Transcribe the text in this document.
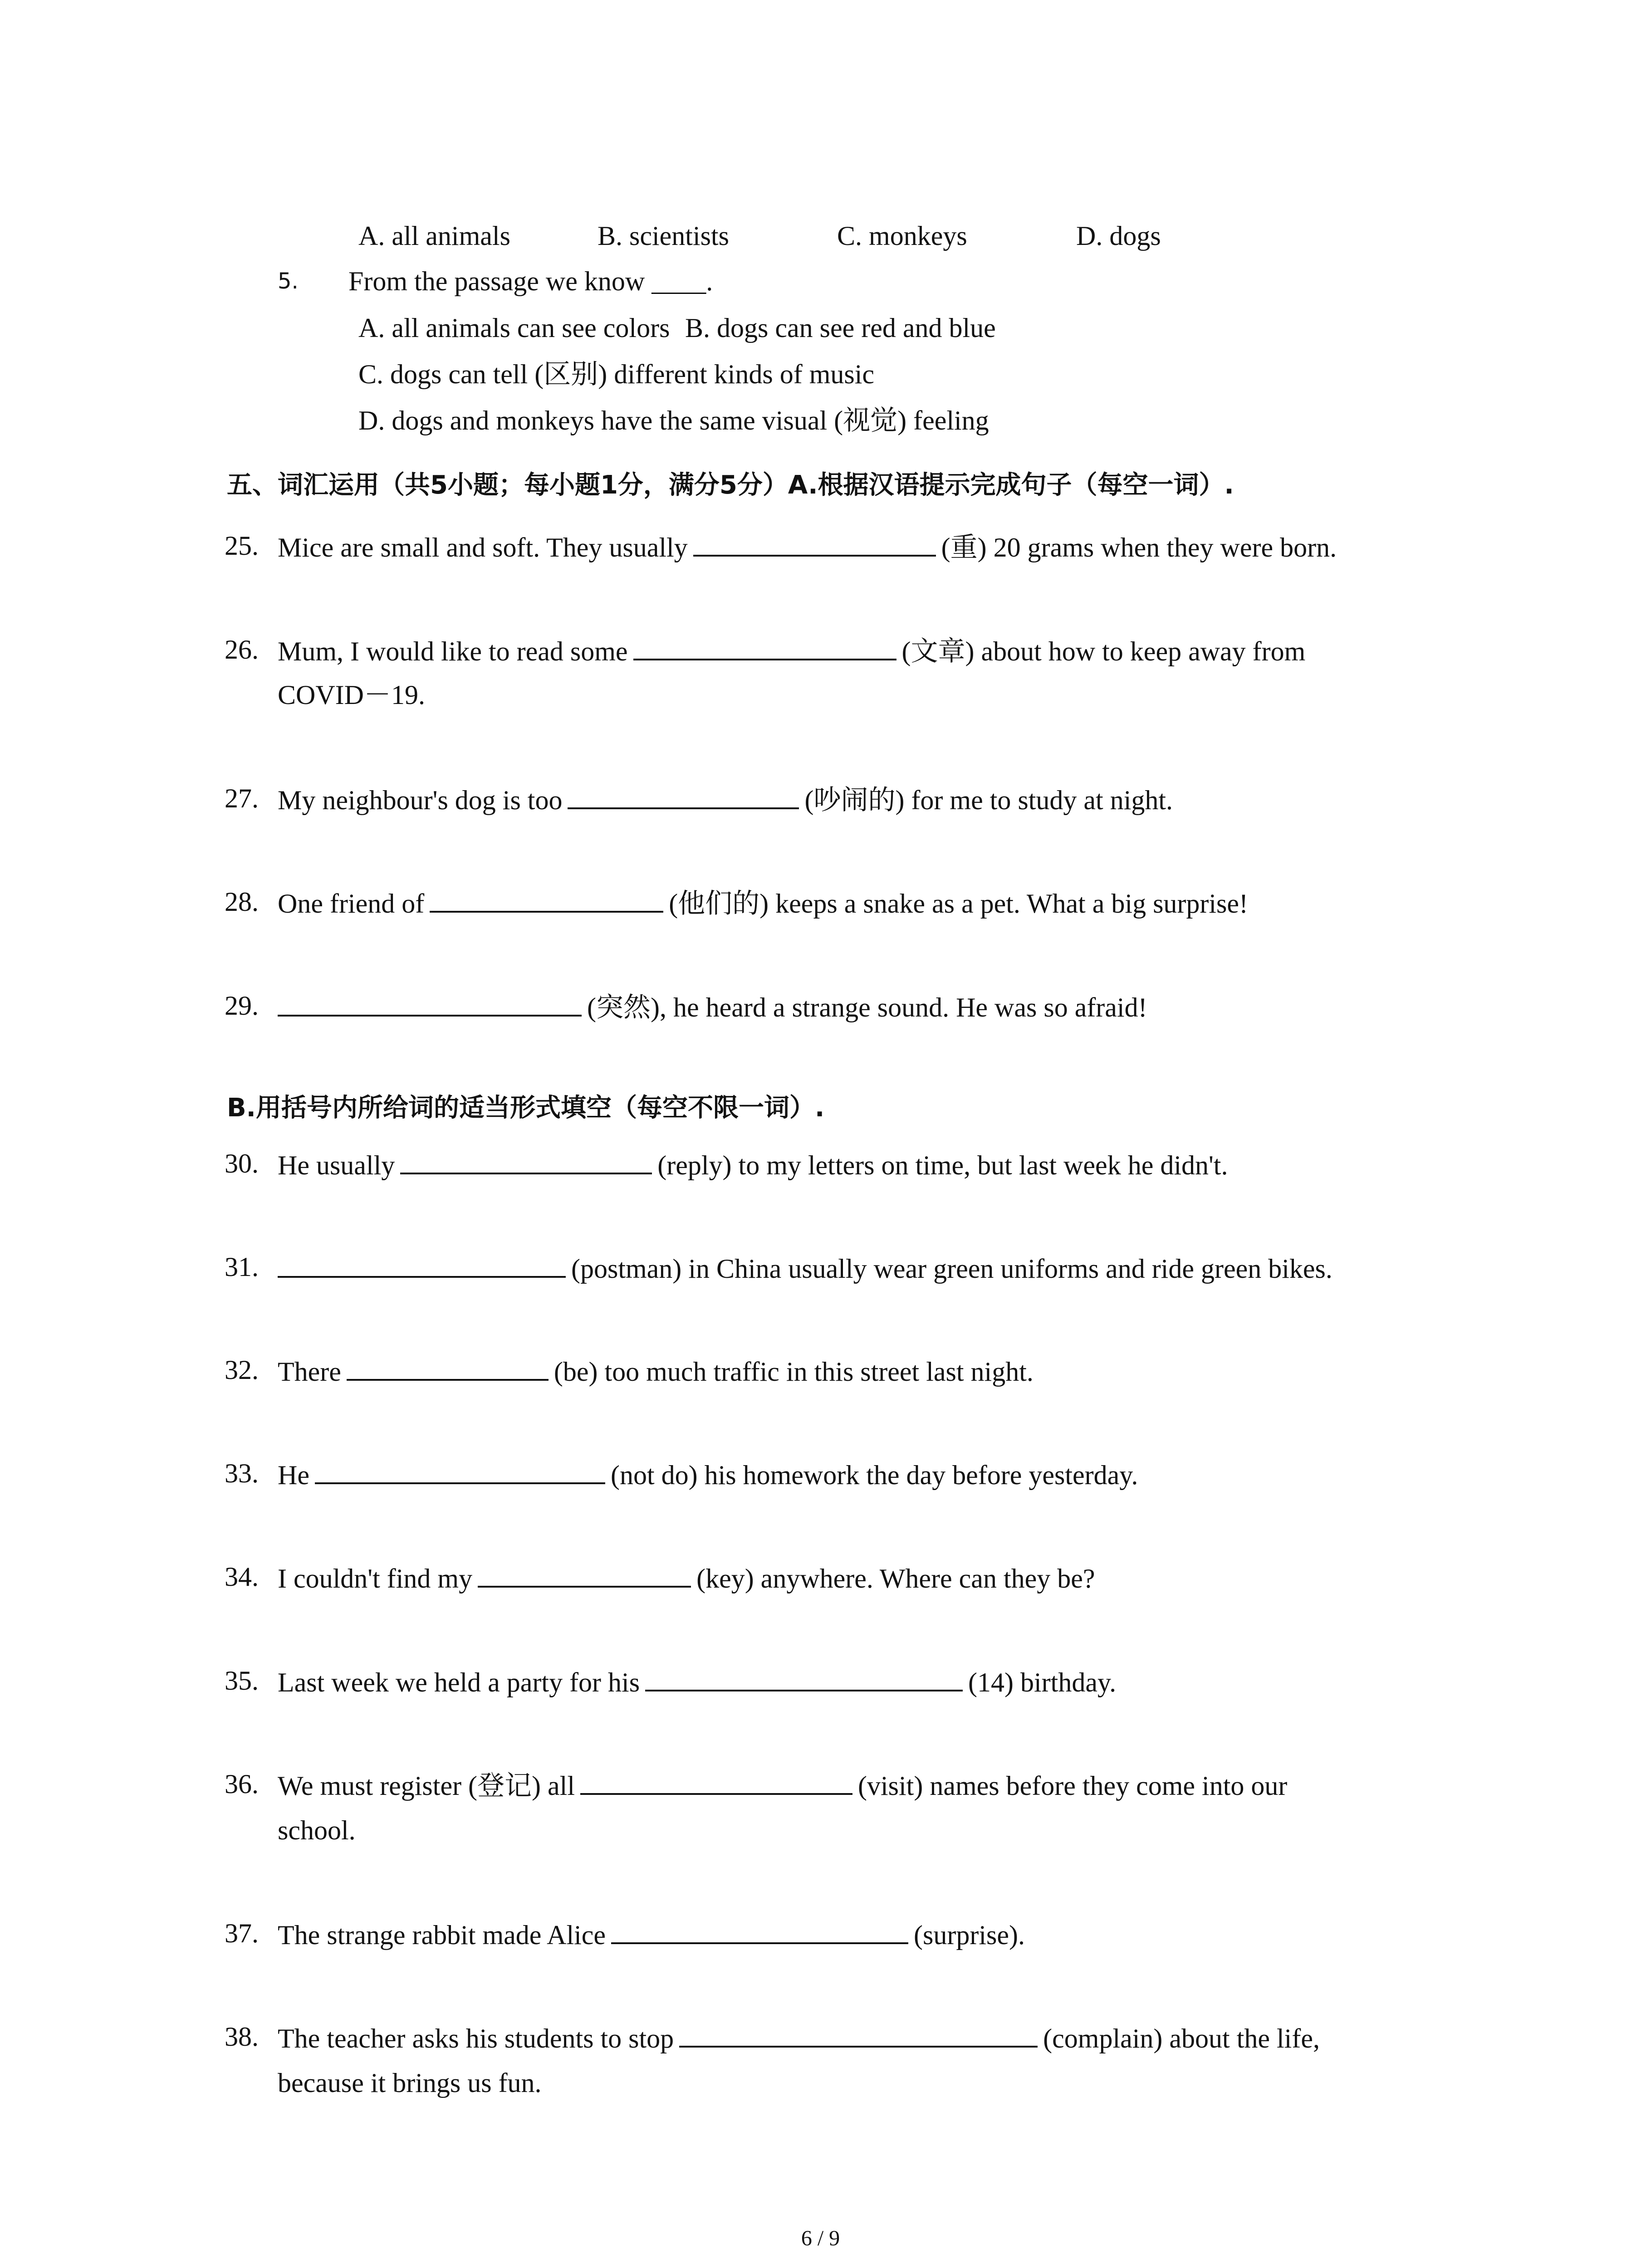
A. all animals	B. scientists	C. monkeys	D. dogs
5. From the passage we know ____.
A. all animals can see colors B. dogs can see red and blue
C. dogs can tell (区别) different kinds of music
D. dogs and monkeys have the same visual (视觉) feeling
五、词汇运用（共5小题；每小题1分，满分5分）A.根据汉语提示完成句子（每空一词）.
25. Mice are small and soft. They usually	(重) 20 grams when they were born.
26. Mum, I would like to read some	(文章) about how to keep away from
COVID－19.
27. My neighbour's dog is too	(吵闹的) for me to study at night.
28. One friend of	(他们的) keeps a snake as a pet. What a big surprise!
29.	(突然), he heard a strange sound. He was so afraid!
B.用括号内所给词的适当形式填空（每空不限一词）.
30. He usually	(reply) to my letters on time, but last week he didn't.
31.	(postman) in China usually wear green uniforms and ride green bikes.
32. There	(be) too much traffic in this street last night.
33. He	(not do) his homework the day before yesterday.
34. I couldn't find my	(key) anywhere. Where can they be?
35. Last week we held a party for his	(14) birthday.
36. We must register (登记) all	(visit) names before they come into our
school.
37. The strange rabbit made Alice	(surprise).
38. The teacher asks his students to stop	(complain) about the life,
because it brings us fun.
6 / 9
